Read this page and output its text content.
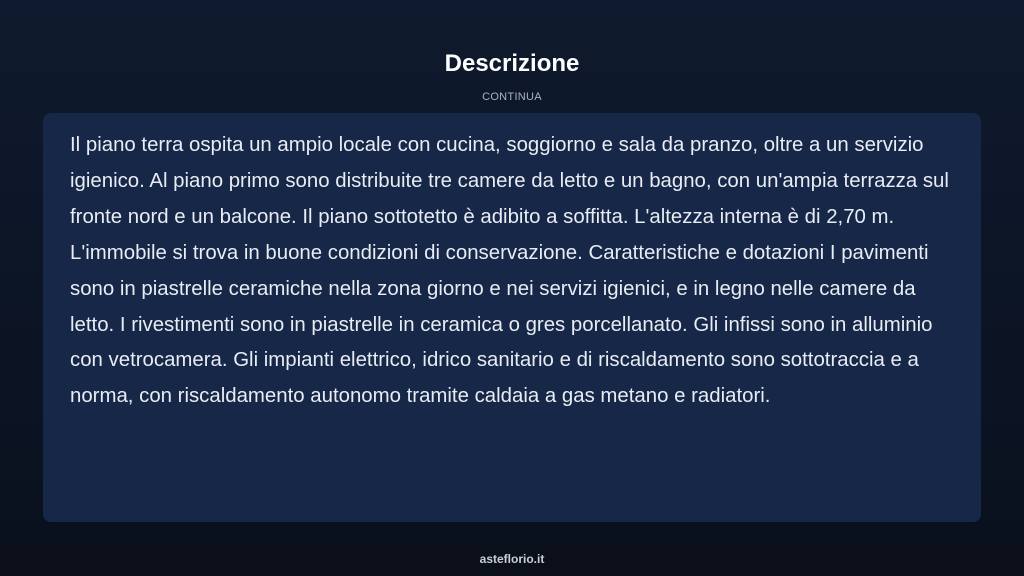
Descrizione
CONTINUA

Il piano terra ospita un ampio locale con cucina, soggiorno e sala da pranzo, oltre a un servizio igienico. Al piano primo sono distribuite tre camere da letto e un bagno, con un'ampia terrazza sul fronte nord e un balcone. Il piano sottotetto è adibito a soffitta. L'altezza interna è di 2,70 m. L'immobile si trova in buone condizioni di conservazione. Caratteristiche e dotazioni I pavimenti sono in piastrelle ceramiche nella zona giorno e nei servizi igienici, e in legno nelle camere da letto. I rivestimenti sono in piastrelle in ceramica o gres porcellanato. Gli infissi sono in alluminio con vetrocamera. Gli impianti elettrico, idrico sanitario e di riscaldamento sono sottotraccia e a norma, con riscaldamento autonomo tramite caldaia a gas metano e radiatori.

asteflorio.it
